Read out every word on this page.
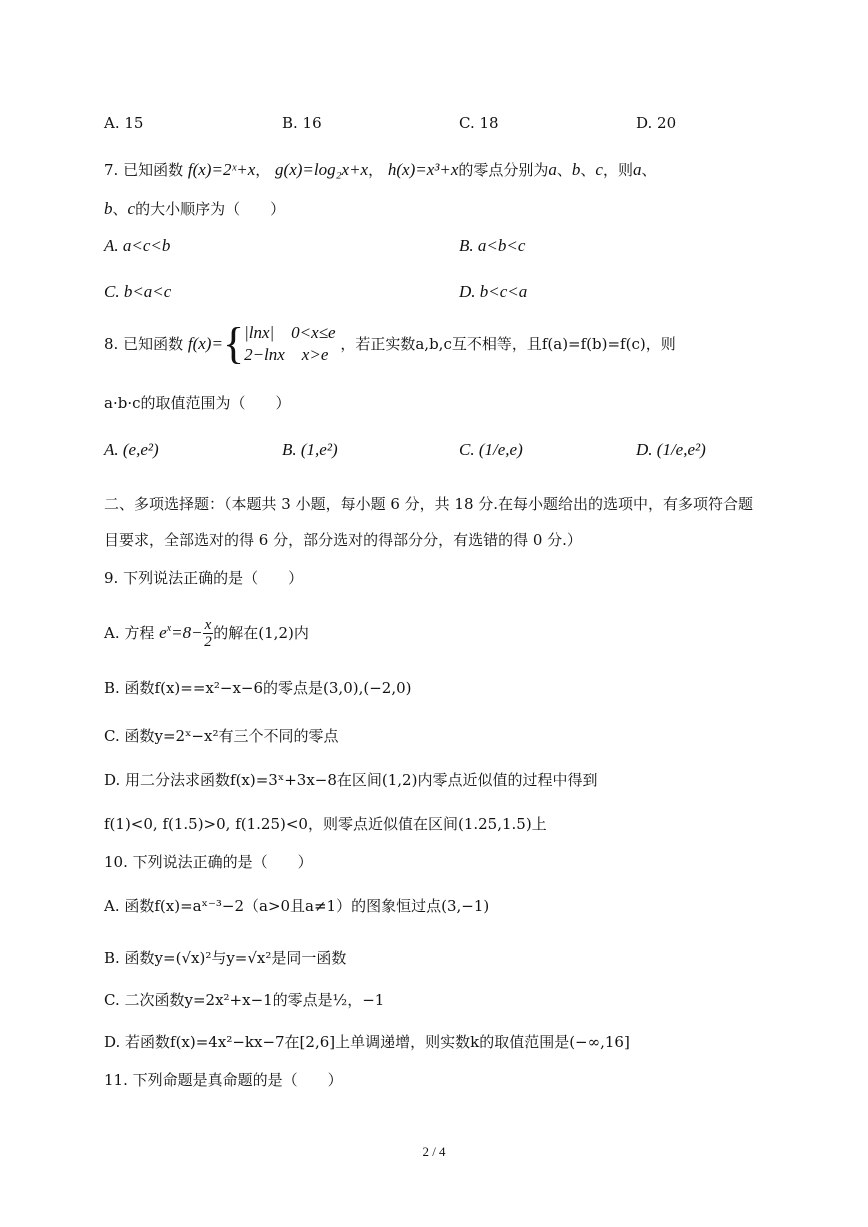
A. 15	B. 16	C. 18	D. 20
7. 已知函数 f(x)=2ˣ+x， g(x)=log₂x+x， h(x)=x³+x的零点分别为a、b、c，则a、
b、c的大小顺序为（　　）
A. a<c<b	B. a<b<c
C. b<a<c	D. b<c<a
8. 已知函数 f(x)={ |lnx|　0<x≤e
2−lnx　x>e
，若正实数a,b,c互不相等，且f(a)=f(b)=f(c)，则
a·b·c的取值范围为（　　）
A. (e,e²)	B. (1,e²)	C. (1/e,e)	D. (1/e,e²)
二、多项选择题：（本题共 3 小题，每小题 6 分，共 18 分.在每小题给出的选项中，有多项符合题
目要求，全部选对的得 6 分，部分选对的得部分分，有选错的得 0 分.）
9. 下列说法正确的是（　　）
A. 方程 $e^x=8- \frac{x}{2}$ 的解在(1,2)内
B. 函数f(x)==x²−x−6的零点是(3,0),(−2,0)
C. 函数y=2ˣ−x²有三个不同的零点
D. 用二分法求函数f(x)=3ˣ+3x−8在区间(1,2)内零点近似值的过程中得到
f(1)<0, f(1.5)>0, f(1.25)<0，则零点近似值在区间(1.25,1.5)上
10. 下列说法正确的是（　　）
A. 函数f(x)=aˣ⁻³−2（a>0且a≠1）的图象恒过点(3,−1)
B. 函数y=(√x)²与y=√x²是同一函数
C. 二次函数y=2x²+x−1的零点是½，−1
D. 若函数f(x)=4x²−kx−7在[2,6]上单调递增，则实数k的取值范围是(−∞,16]
11. 下列命题是真命题的是（　　）
2 / 4
